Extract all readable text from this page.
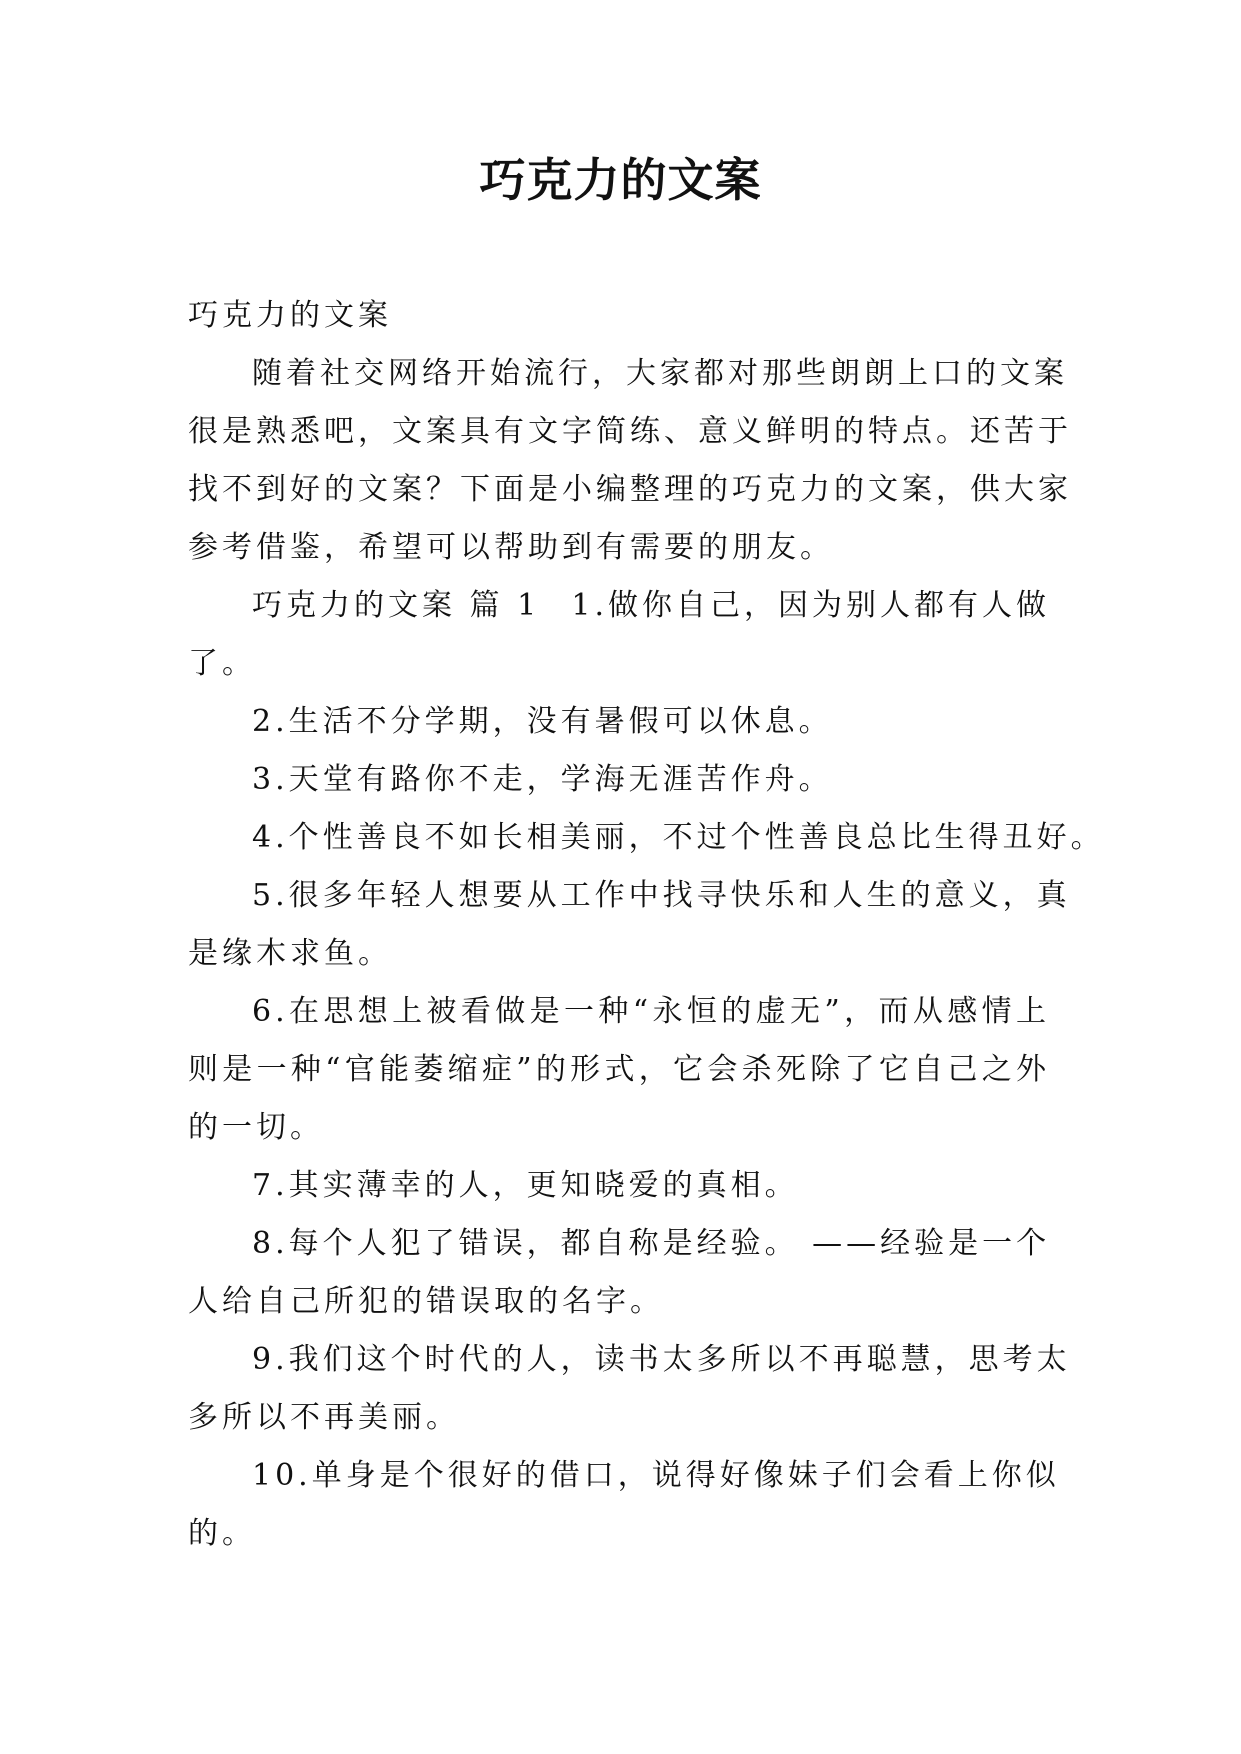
巧克力的文案
巧克力的文案
随着社交网络开始流行，大家都对那些朗朗上口的文案
很是熟悉吧，文案具有文字简练、意义鲜明的特点。还苦于
找不到好的文案？下面是小编整理的巧克力的文案，供大家
参考借鉴，希望可以帮助到有需要的朋友。
巧克力的文案 篇 1 1.做你自己，因为别人都有人做
了。
2.生活不分学期，没有暑假可以休息。
3.天堂有路你不走，学海无涯苦作舟。
4.个性善良不如长相美丽，不过个性善良总比生得丑好。
5.很多年轻人想要从工作中找寻快乐和人生的意义，真
是缘木求鱼。
6.在思想上被看做是一种“永恒的虚无”，而从感情上
则是一种“官能萎缩症”的形式，它会杀死除了它自己之外
的一切。
7.其实薄幸的人，更知晓爱的真相。
8.每个人犯了错误，都自称是经验。 ——经验是一个
人给自己所犯的错误取的名字。
9.我们这个时代的人，读书太多所以不再聪慧，思考太
多所以不再美丽。
10.单身是个很好的借口，说得好像妹子们会看上你似
的。
